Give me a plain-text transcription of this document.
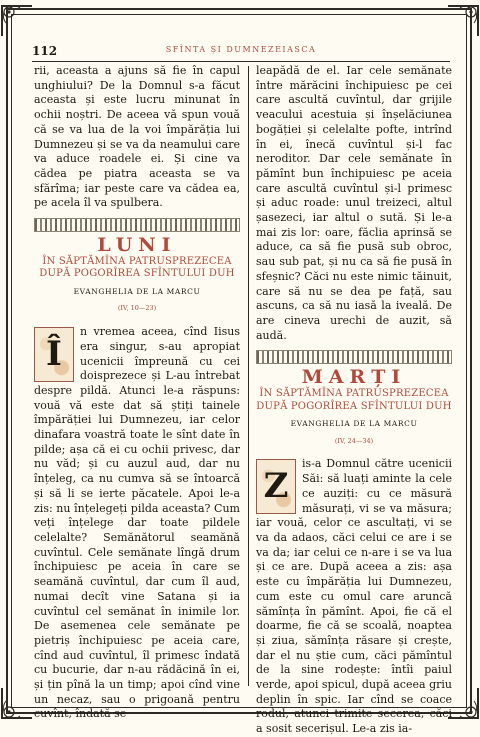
112	SFÎNTA ȘI DUMNEZEIASCA

rii, aceasta a ajuns să fie în capul unghiului? De la Domnul s-a făcut aceasta și este lucru minunat în ochii noștri. De aceea vă spun vouă că se va lua de la voi împărăția lui Dumnezeu și se va da neamului care va aduce roadele ei. Și cine va cădea pe piatra aceasta se va sfărîma; iar peste care va cădea ea, pe acela îl va spulbera.

LUNI
ÎN SĂPTĂMÎNA PATRUSPREZECEA DUPĂ POGORÎREA SFÎNTULUI DUH
EVANGHELIA DE LA MARCU
(IV, 10—23)
Î

n vremea aceea, cînd Iisus era singur, s-au apropiat ucenicii împreună cu cei doisprezece și L-au întrebat despre pildă. Atunci le-a răspuns: vouă vă este dat să știți tainele împărăției lui Dumnezeu, iar celor dinafara voastră toate le sînt date în pilde; așa că ei cu ochii privesc, dar nu văd; și cu auzul aud, dar nu înțeleg, ca nu cumva să se întoarcă și să li se ierte păcatele. Apoi le-a zis: nu înțelegeți pilda aceasta? Cum veți înțelege dar toate pildele celelalte? Semănătorul seamănă cuvîntul. Cele semănate lîngă drum închipuiesc pe aceia în care se seamănă cuvîntul, dar cum îl aud, numai decît vine Satana și ia cuvîntul cel semănat în inimile lor. De asemenea cele semănate pe pietriș închipuiesc pe aceia care, cînd aud cuvîntul, îl primesc îndată cu bucurie, dar n-au rădăcină în ei, și țin pînă la un timp; apoi cînd vine un necaz, sau o prigoană pentru cuvînt, îndată se

leapădă de el. Iar cele semănate între mărăcini închipuiesc pe cei care ascultă cuvîntul, dar grijile veacului acestuia și înșelăciunea bogăției și celelalte pofte, intrînd în ei, înecă cuvîntul și-l fac neroditor. Dar cele semănate în pămînt bun închipuiesc pe aceia care ascultă cuvîntul și-l primesc și aduc roade: unul treizeci, altul șasezeci, iar altul o sută. Și le-a mai zis lor: oare, făclia aprinsă se aduce, ca să fie pusă sub obroc, sau sub pat, și nu ca să fie pusă în sfeșnic? Căci nu este nimic tăinuit, care să nu se dea pe față, sau ascuns, ca să nu iasă la iveală. De are cineva urechi de auzit, să audă.

MARȚI
ÎN SĂPTĂMÎNA PATRUSPREZECEA DUPĂ POGORÎREA SFÎNTULUI DUH
EVANGHELIA DE LA MARCU
(IV, 24—34)
Z

is-a Domnul către ucenicii Săi: să luați aminte la cele ce auziți: cu ce măsură măsurați, vi se va măsura; iar vouă, celor ce ascultați, vi se va da adaos, căci celui ce are i se va da; iar celui ce n-are i se va lua și ce are. După aceea a zis: așa este cu împărăția lui Dumnezeu, cum este cu omul care aruncă sămînța în pămînt. Apoi, fie că el doarme, fie că se scoală, noaptea și ziua, sămînța răsare și crește, dar el nu știe cum, căci pămîntul de la sine rodește: întîi paiul verde, apoi spicul, după aceea griu deplin în spic. Iar cînd se coace rodul, atunci trimite secerea, căci a sosit secerișul. Le-a zis ia-
